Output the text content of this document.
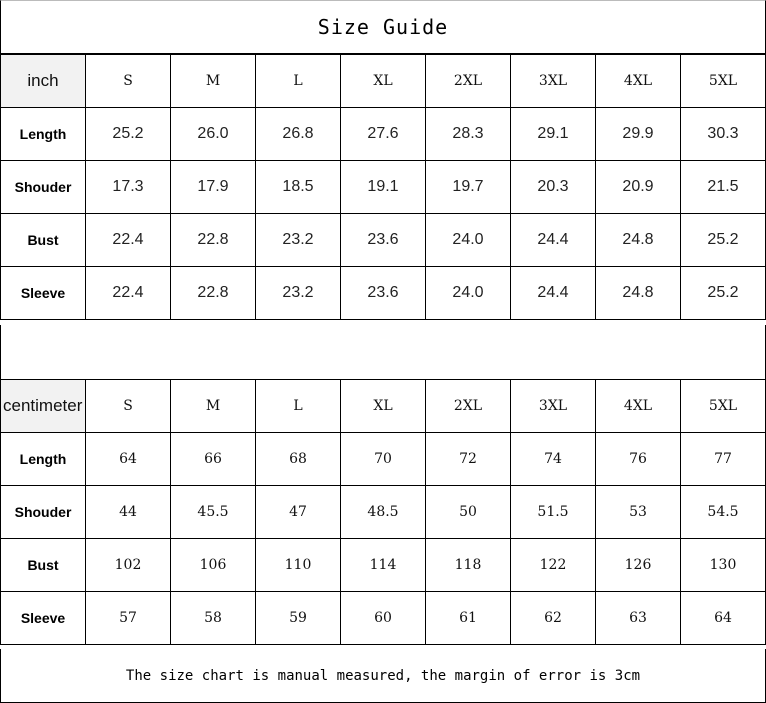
Size Guide
inch	S	M	L	XL	2XL	3XL	4XL	5XL
Length	25.2	26.0	26.8	27.6	28.3	29.1	29.9	30.3
Shouder	17.3	17.9	18.5	19.1	19.7	20.3	20.9	21.5
Bust	22.4	22.8	23.2	23.6	24.0	24.4	24.8	25.2
Sleeve	22.4	22.8	23.2	23.6	24.0	24.4	24.8	25.2
centimeter	S	M	L	XL	2XL	3XL	4XL	5XL
Length	64	66	68	70	72	74	76	77
Shouder	44	45.5	47	48.5	50	51.5	53	54.5
Bust	102	106	110	114	118	122	126	130
Sleeve	57	58	59	60	61	62	63	64
The size chart is manual measured, the margin of error is 3cm
